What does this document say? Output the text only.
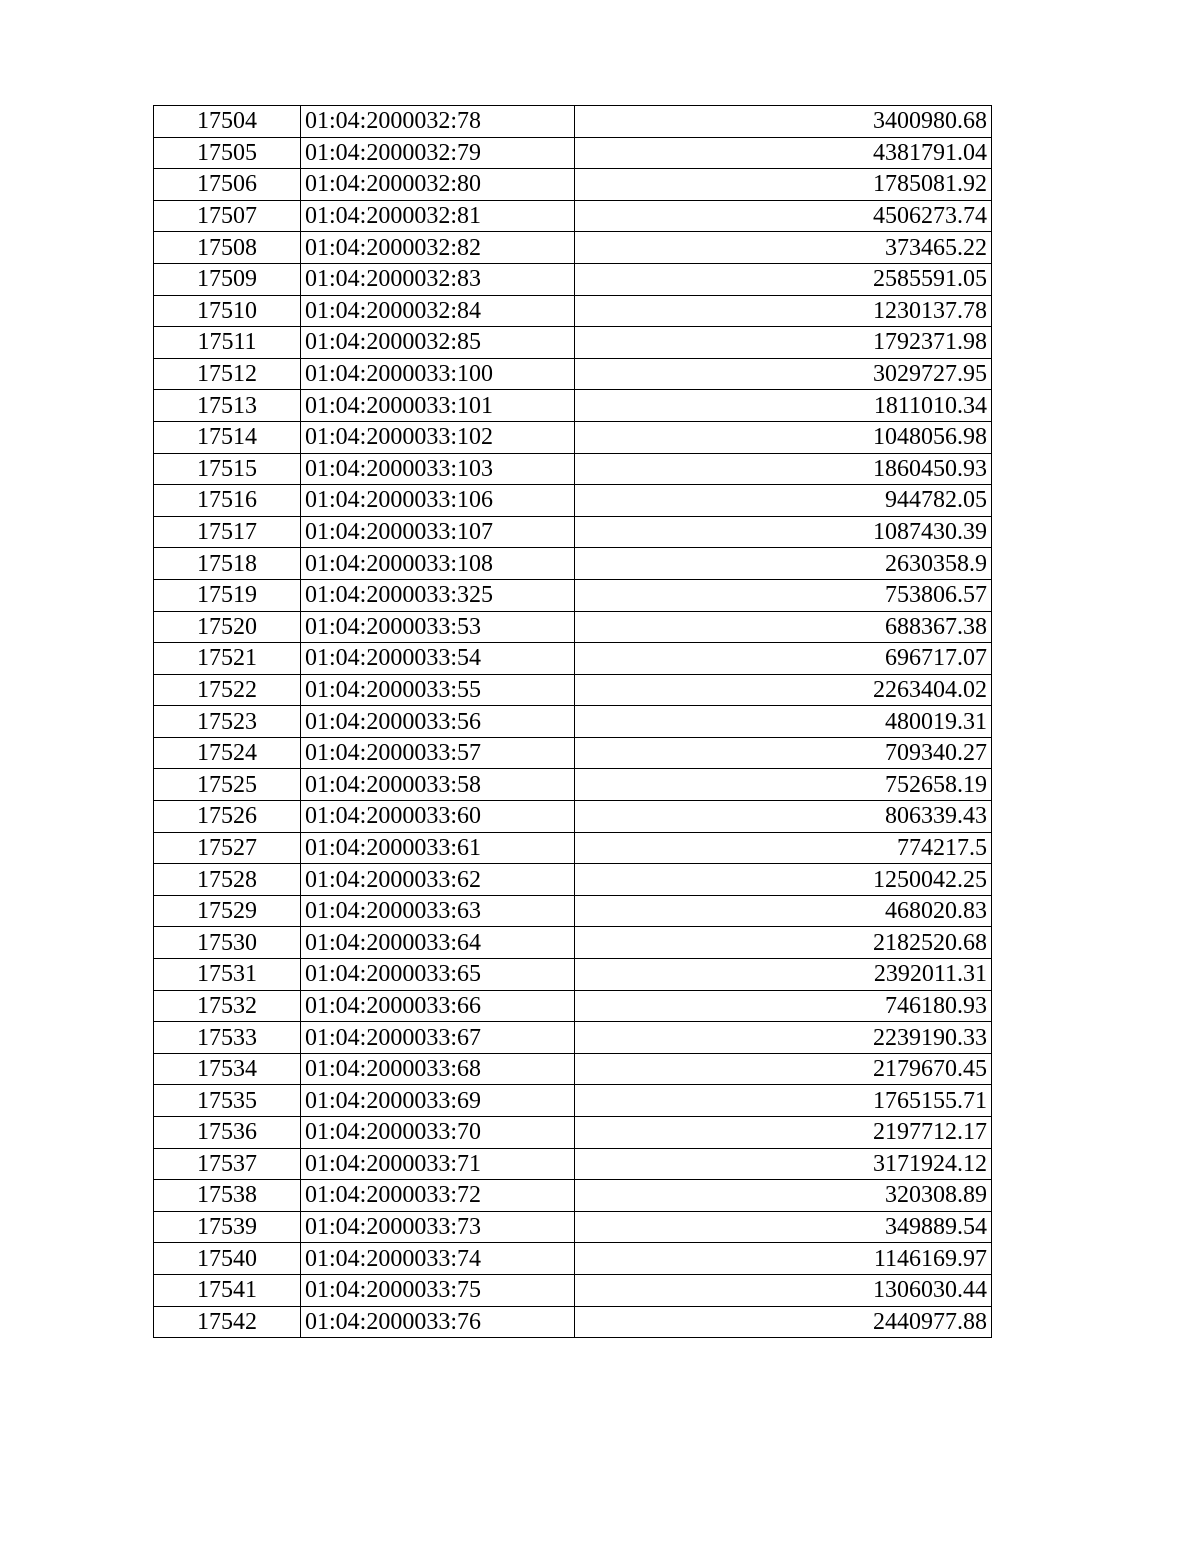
17504	01:04:2000032:78	3400980.68
17505	01:04:2000032:79	4381791.04
17506	01:04:2000032:80	1785081.92
17507	01:04:2000032:81	4506273.74
17508	01:04:2000032:82	373465.22
17509	01:04:2000032:83	2585591.05
17510	01:04:2000032:84	1230137.78
17511	01:04:2000032:85	1792371.98
17512	01:04:2000033:100	3029727.95
17513	01:04:2000033:101	1811010.34
17514	01:04:2000033:102	1048056.98
17515	01:04:2000033:103	1860450.93
17516	01:04:2000033:106	944782.05
17517	01:04:2000033:107	1087430.39
17518	01:04:2000033:108	2630358.9
17519	01:04:2000033:325	753806.57
17520	01:04:2000033:53	688367.38
17521	01:04:2000033:54	696717.07
17522	01:04:2000033:55	2263404.02
17523	01:04:2000033:56	480019.31
17524	01:04:2000033:57	709340.27
17525	01:04:2000033:58	752658.19
17526	01:04:2000033:60	806339.43
17527	01:04:2000033:61	774217.5
17528	01:04:2000033:62	1250042.25
17529	01:04:2000033:63	468020.83
17530	01:04:2000033:64	2182520.68
17531	01:04:2000033:65	2392011.31
17532	01:04:2000033:66	746180.93
17533	01:04:2000033:67	2239190.33
17534	01:04:2000033:68	2179670.45
17535	01:04:2000033:69	1765155.71
17536	01:04:2000033:70	2197712.17
17537	01:04:2000033:71	3171924.12
17538	01:04:2000033:72	320308.89
17539	01:04:2000033:73	349889.54
17540	01:04:2000033:74	1146169.97
17541	01:04:2000033:75	1306030.44
17542	01:04:2000033:76	2440977.88
